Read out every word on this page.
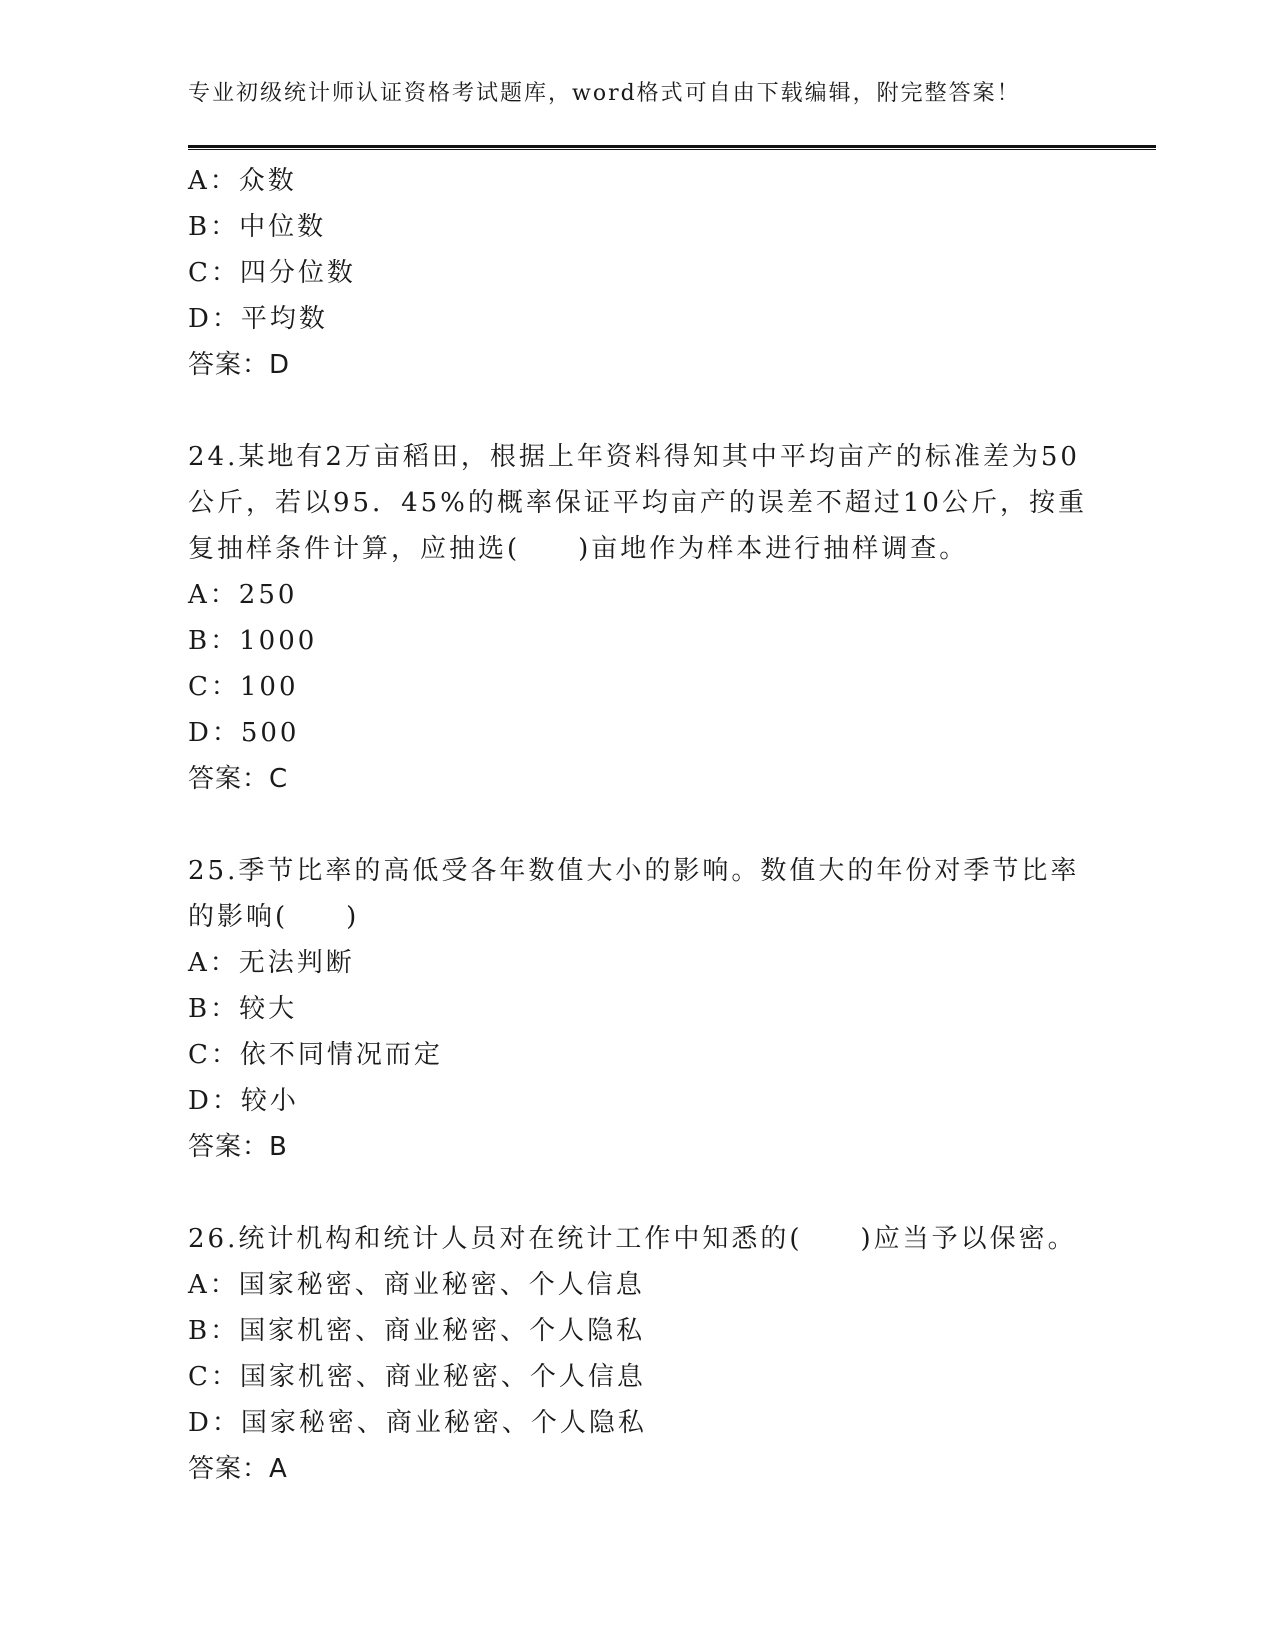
专业初级统计师认证资格考试题库，word格式可自由下载编辑，附完整答案！
A：众数
B：中位数
C：四分位数
D：平均数
答案：D
24.某地有2万亩稻田，根据上年资料得知其中平均亩产的标准差为50
公斤，若以95．45%的概率保证平均亩产的误差不超过10公斤，按重
复抽样条件计算，应抽选(　　)亩地作为样本进行抽样调查。
A：250
B：1000
C：100
D：500
答案：C
25.季节比率的高低受各年数值大小的影响。数值大的年份对季节比率
的影响(　　)
A：无法判断
B：较大
C：依不同情况而定
D：较小
答案：B
26.统计机构和统计人员对在统计工作中知悉的(　　)应当予以保密。
A：国家秘密、商业秘密、个人信息
B：国家机密、商业秘密、个人隐私
C：国家机密、商业秘密、个人信息
D：国家秘密、商业秘密、个人隐私
答案：A
